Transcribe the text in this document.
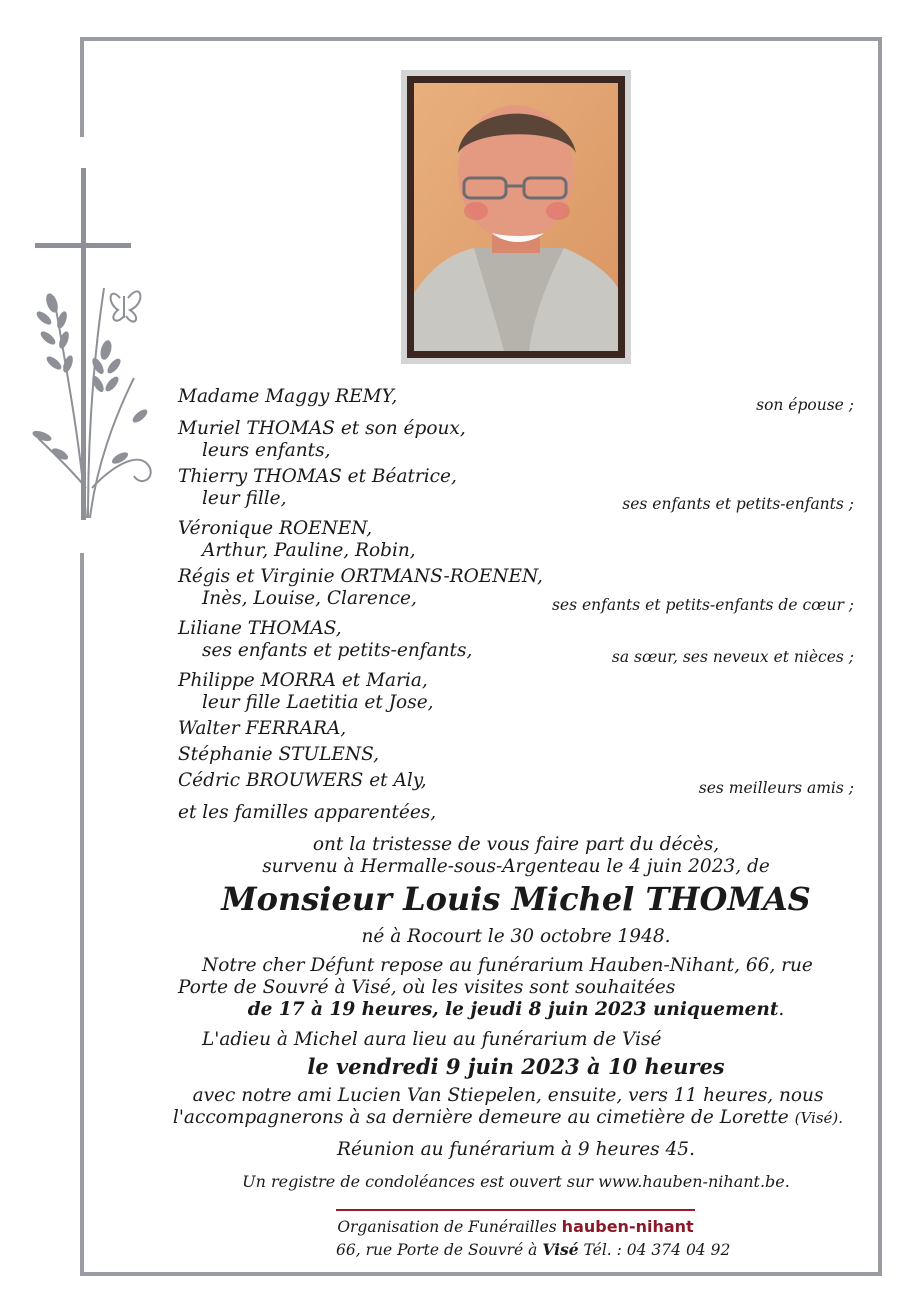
Madame Maggy REMY,
Muriel THOMAS et son époux,
leurs enfants,
Thierry THOMAS et Béatrice,
leur fille,
Véronique ROENEN,
Arthur, Pauline, Robin,
Régis et Virginie ORTMANS-ROENEN,
Inès, Louise, Clarence,
Liliane THOMAS,
ses enfants et petits-enfants,
Philippe MORRA et Maria,
leur fille Laetitia et Jose,
Walter FERRARA,
Stéphanie STULENS,
Cédric BROUWERS et Aly,
et les familles apparentées,
son épouse ;
ses enfants et petits-enfants ;
ses enfants et petits-enfants de cœur ;
sa sœur, ses neveux et nièces ;
ses meilleurs amis ;
ont la tristesse de vous faire part du décès,
survenu à Hermalle-sous-Argenteau le 4 juin 2023, de
Monsieur Louis Michel THOMAS
né à Rocourt le 30 octobre 1948.
Notre cher Défunt repose au funérarium Hauben-Nihant, 66, rue Porte de Souvré à Visé, où les visites sont souhaitées
de 17 à 19 heures, le jeudi 8 juin 2023 uniquement.
L'adieu à Michel aura lieu au funérarium de Visé
le vendredi 9 juin 2023 à 10 heures
avec notre ami Lucien Van Stiepelen, ensuite, vers 11 heures, nous l'accompagnerons à sa dernière demeure au cimetière de Lorette (Visé).
Réunion au funérarium à 9 heures 45.
Un registre de condoléances est ouvert sur www.hauben-nihant.be.
Organisation de Funérailles hauben-nihant
66, rue Porte de Souvré à Visé Tél. : 04 374 04 92
